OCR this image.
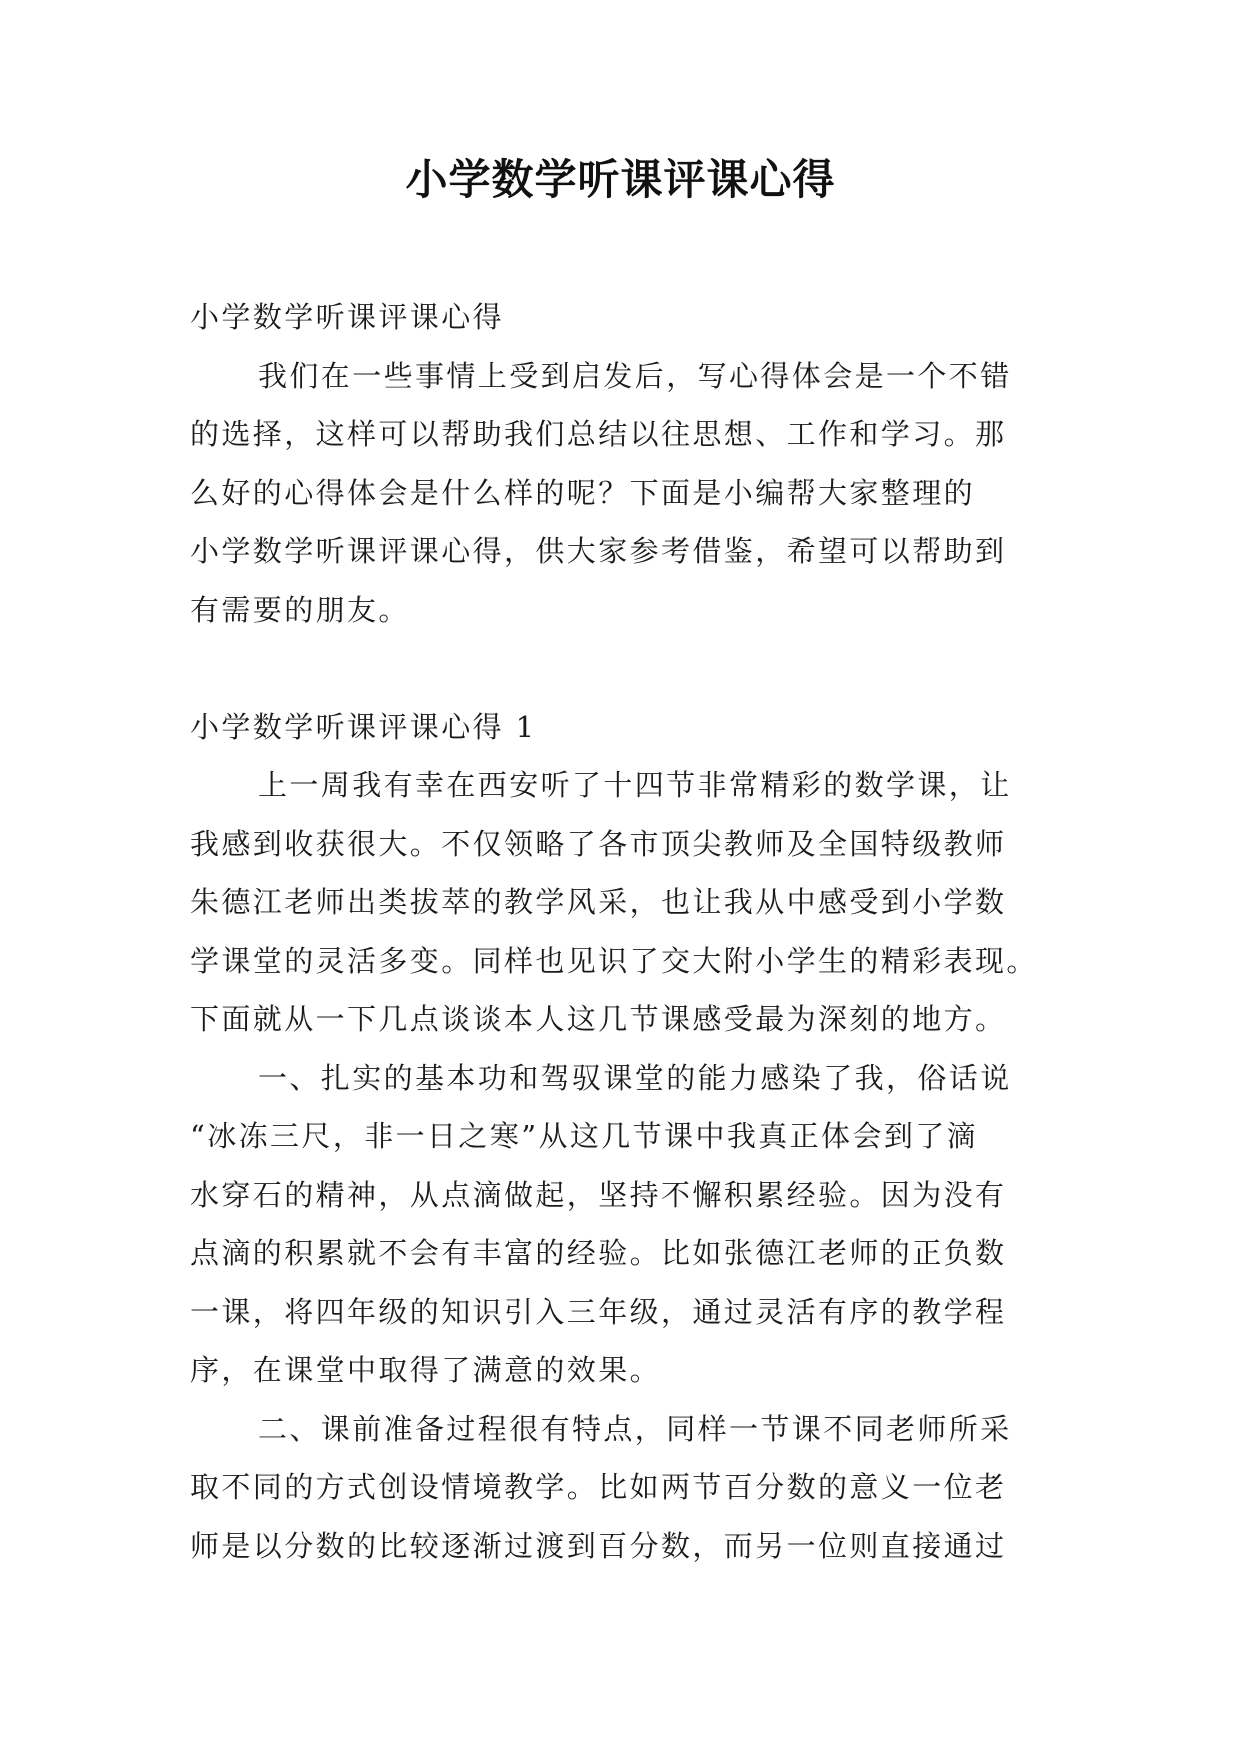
小学数学听课评课心得
小学数学听课评课心得
我们在一些事情上受到启发后，写心得体会是一个不错
的选择，这样可以帮助我们总结以往思想、工作和学习。那
么好的心得体会是什么样的呢？下面是小编帮大家整理的
小学数学听课评课心得，供大家参考借鉴，希望可以帮助到
有需要的朋友。
小学数学听课评课心得 1
上一周我有幸在西安听了十四节非常精彩的数学课，让
我感到收获很大。不仅领略了各市顶尖教师及全国特级教师
朱德江老师出类拔萃的教学风采，也让我从中感受到小学数
学课堂的灵活多变。同样也见识了交大附小学生的精彩表现。
下面就从一下几点谈谈本人这几节课感受最为深刻的地方。
一、扎实的基本功和驾驭课堂的能力感染了我，俗话说
“冰冻三尺，非一日之寒”从这几节课中我真正体会到了滴
水穿石的精神，从点滴做起，坚持不懈积累经验。因为没有
点滴的积累就不会有丰富的经验。比如张德江老师的正负数
一课，将四年级的知识引入三年级，通过灵活有序的教学程
序，在课堂中取得了满意的效果。
二、课前准备过程很有特点，同样一节课不同老师所采
取不同的方式创设情境教学。比如两节百分数的意义一位老
师是以分数的比较逐渐过渡到百分数，而另一位则直接通过
